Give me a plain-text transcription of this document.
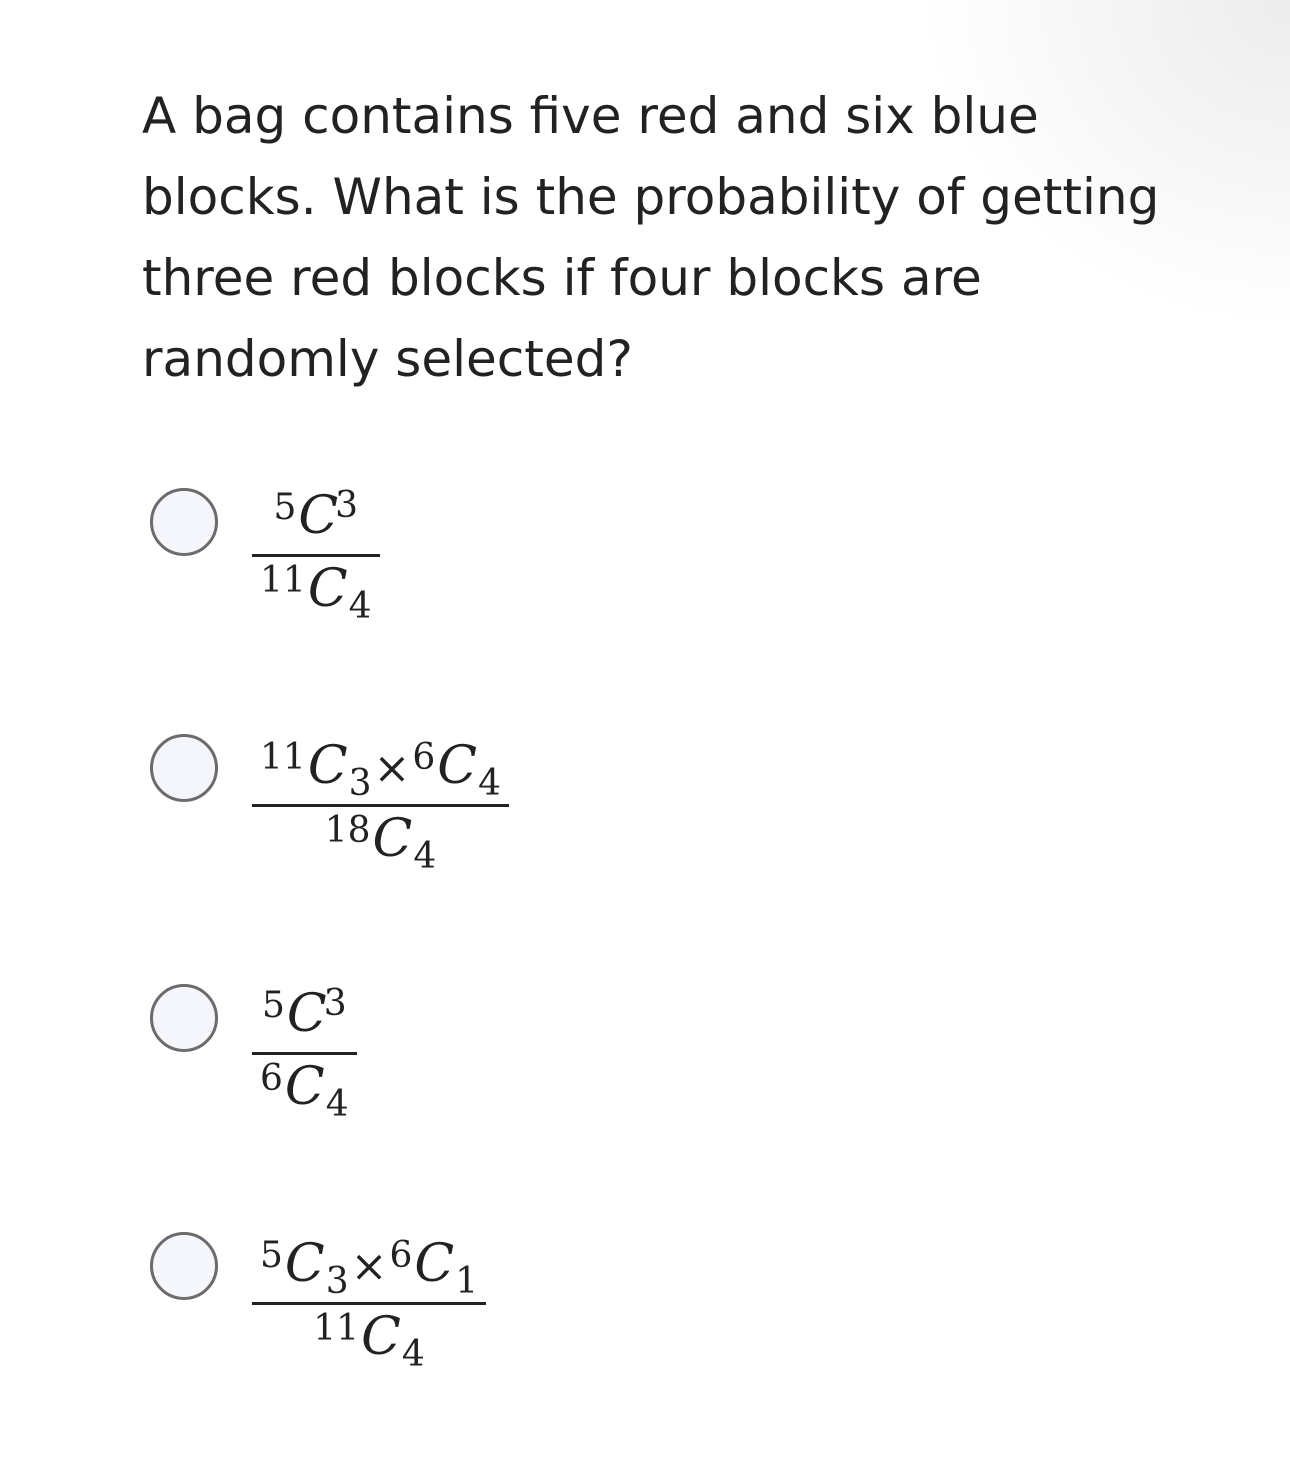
A bag contains five red and six blue blocks. What is the probability of getting three red blocks if four blocks are randomly selected?

$^5C^3$
$^{11}C_4$
$^{11}C_3\times^6C_4$
$^{18}C_4$
$^5C^3$
$^6C_4$
$^5C_3\times^6C_1$
$^{11}C_4$
